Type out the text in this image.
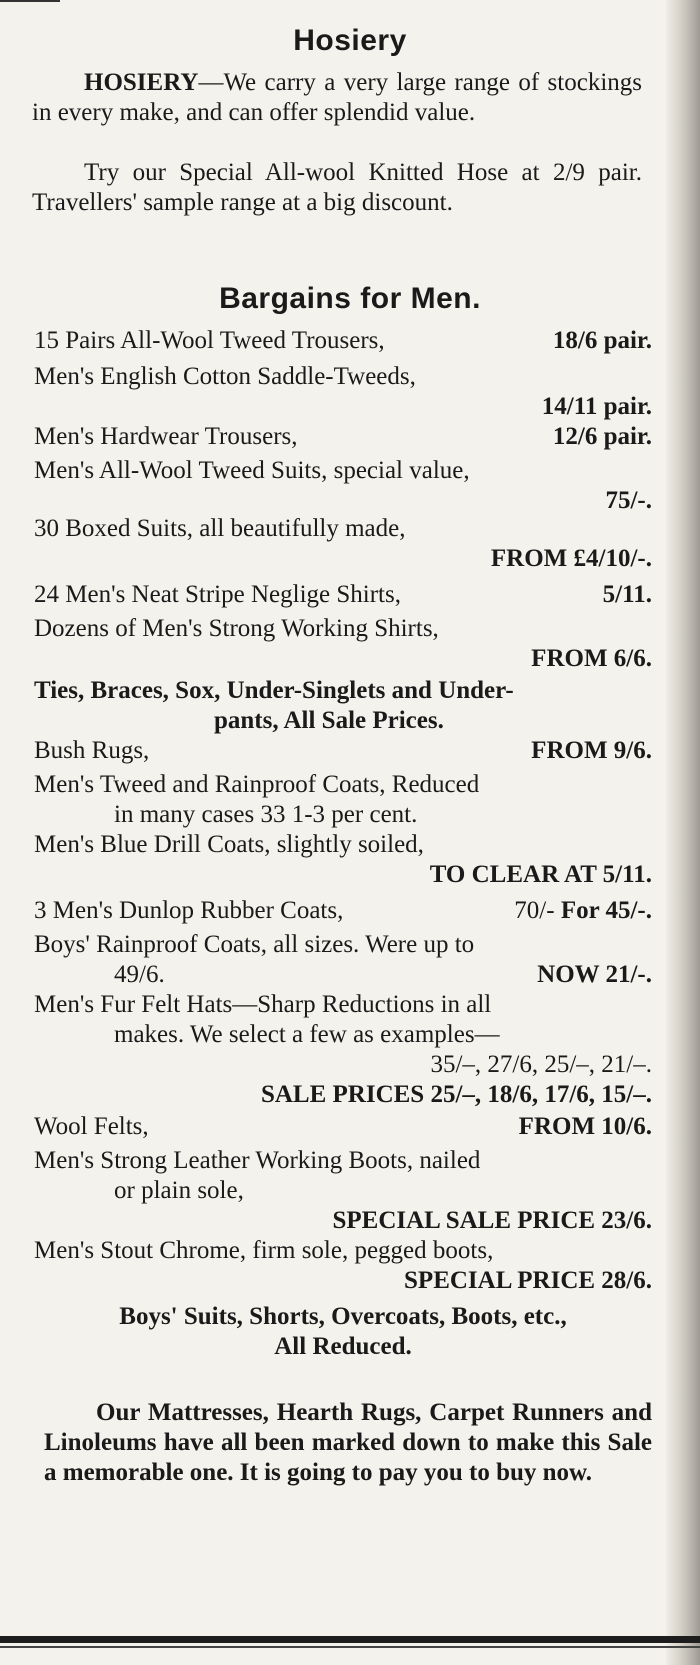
Hosiery
HOSIERY—We carry a very large range of stockings in every make, and can offer splendid value.
Try our Special All-wool Knitted Hose at 2/9 pair. Travellers' sample range at a big discount.
Bargains for Men.
15 Pairs All-Wool Tweed Trousers,	18/6 pair.
Men's English Cotton Saddle-Tweeds,
14/11 pair.
Men's Hardwear Trousers,	12/6 pair.
Men's All-Wool Tweed Suits, special value,
75/-.
30 Boxed Suits, all beautifully made,
FROM £4/10/-.
24 Men's Neat Stripe Neglige Shirts,	5/11.
Dozens of Men's Strong Working Shirts,
FROM 6/6.
Ties, Braces, Sox, Under-Singlets and Under-
pants, All Sale Prices.
Bush Rugs,	FROM 9/6.
Men's Tweed and Rainproof Coats, Reduced
in many cases 33 1-3 per cent.
Men's Blue Drill Coats, slightly soiled,
TO CLEAR AT 5/11.
3 Men's Dunlop Rubber Coats,	70/- For 45/-.
Boys' Rainproof Coats, all sizes. Were up to
49/6.	NOW 21/-.
Men's Fur Felt Hats—Sharp Reductions in all
makes. We select a few as examples—
35/–, 27/6, 25/–, 21/–.
SALE PRICES 25/–, 18/6, 17/6, 15/–.
Wool Felts,	FROM 10/6.
Men's Strong Leather Working Boots, nailed
or plain sole,
SPECIAL SALE PRICE 23/6.
Men's Stout Chrome, firm sole, pegged boots,
SPECIAL PRICE 28/6.
Boys' Suits, Shorts, Overcoats, Boots, etc.,
All Reduced.
Our Mattresses, Hearth Rugs, Carpet Runners and Linoleums have all been marked down to make this Sale a memorable one. It is going to pay you to buy now.
